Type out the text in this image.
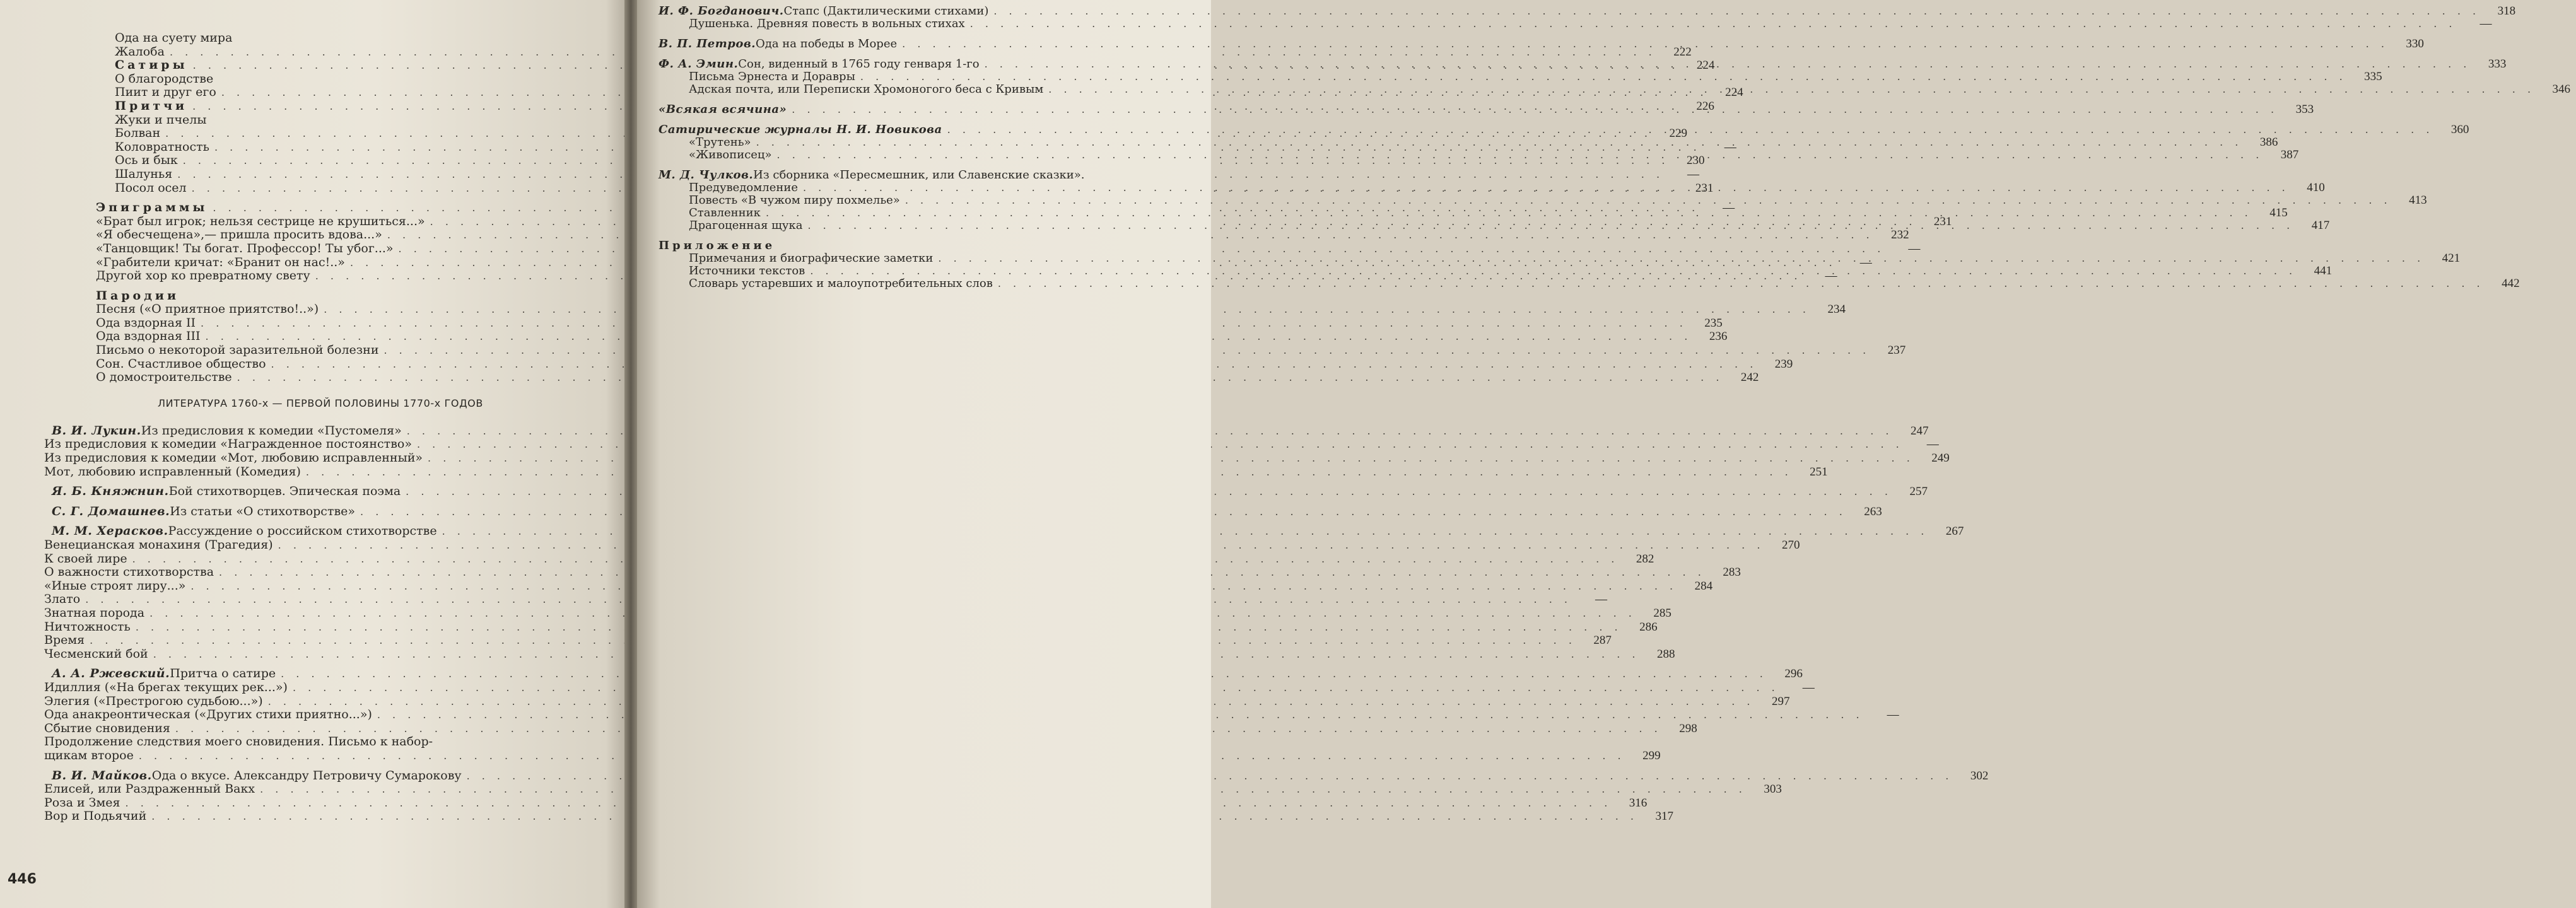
Ода на суету мира
Жалоба . . .	222
Сатиры . . .	224
О благородстве
Пиит и друг его . . .	224
Притчи . . .	226
Жуки и пчелы
Болван . . .	229
Коловратность . . .	—
Ось и бык . . .	230
Шалунья . . .	—
Посол осел . . .	231
Эпиграммы . . .	—
«Брат был игрок; нельзя сестрице не крушиться...» . . .	231
«Я обесчещена»,— пришла просить вдова...» . . .	232
«Танцовщик! Ты богат. Профессор! Ты убог...» . . .	—
«Грабители кричат: «Бранит он нас!..» . . .	—
Другой хор ко превратному свету . . .	—
Пародии
Песня («О приятное приятство!..») . . .	234
Ода вздорная II . . .	235
Ода вздорная III . . .	236
Письмо о некоторой заразительной болезни . . .	237
Сон. Счастливое общество . . .	239
О домостроительстве . . .	242
ЛИТЕРАТУРА 1760-х — ПЕРВОЙ ПОЛОВИНЫ 1770-х ГОДОВ
В. И. Лукин. Из предисловия к комедии «Пустомеля» . . .	247
Из предисловия к комедии «Награжденное постоянство» . . .	—
Из предисловия к комедии «Мот, любовию исправленный» . . .	249
Мот, любовию исправленный (Комедия) . . .	251
Я. Б. Княжнин. Бой стихотворцев. Эпическая поэма . . .	257
С. Г. Домашнев. Из статьи «О стихотворстве» . . .	263
М. М. Херасков. Рассуждение о российском стихотворстве . . .	267
Венецианская монахиня (Трагедия) . . .	270
К своей лире . . .	282
О важности стихотворства . . .	283
«Иные строят лиру...» . . .	284
Злато . . .	—
Знатная порода . . .	285
Ничтожность . . .	286
Время . . .	287
Чесменский бой . . .	288
А. А. Ржевский. Притча о сатире . . .	296
Идиллия («На брегах текущих рек...») . . .	—
Элегия («Престрогою судьбою...») . . .	297
Ода анакреонтическая («Других стихи приятно...») . . .	—
Сбытие сновидения . . .	298
Продолжение следствия моего сновидения. Письмо к набор-
щикам второе . . .	299
В. И. Майков. Ода о вкусе. Александру Петровичу Сумарокову . . .	302
Елисей, или Раздраженный Вакх . . .	303
Роза и Змея . . .	316
Вор и Подьячий . . .	317
446
И. Ф. Богданович. Стапс (Дактилическими стихами) . . .	318
Душенька. Древняя повесть в вольных стихах . . .	—
В. П. Петров. Ода на победы в Морее . . .	330
Ф. А. Эмин. Сон, виденный в 1765 году генваря 1-го . . .	333
Письма Эрнеста и Доравры . . .	335
Адская почта, или Переписки Хромоногого беса с Кривым . . .	346
«Всякая всячина» . . .	353
Сатирические журналы Н. И. Новикова . . .	360
«Трутень» . . .	386
«Живописец» . . .	387
М. Д. Чулков. Из сборника «Пересмешник, или Славенские сказки».
Предуведомление . . .	410
Повесть «В чужом пиру похмелье» . . .	413
Ставленник . . .	415
Драгоценная щука . . .	417
Приложение
Примечания и биографические заметки . . .	421
Источники текстов . . .	441
Словарь устаревших и малоупотребительных слов . . .	442
